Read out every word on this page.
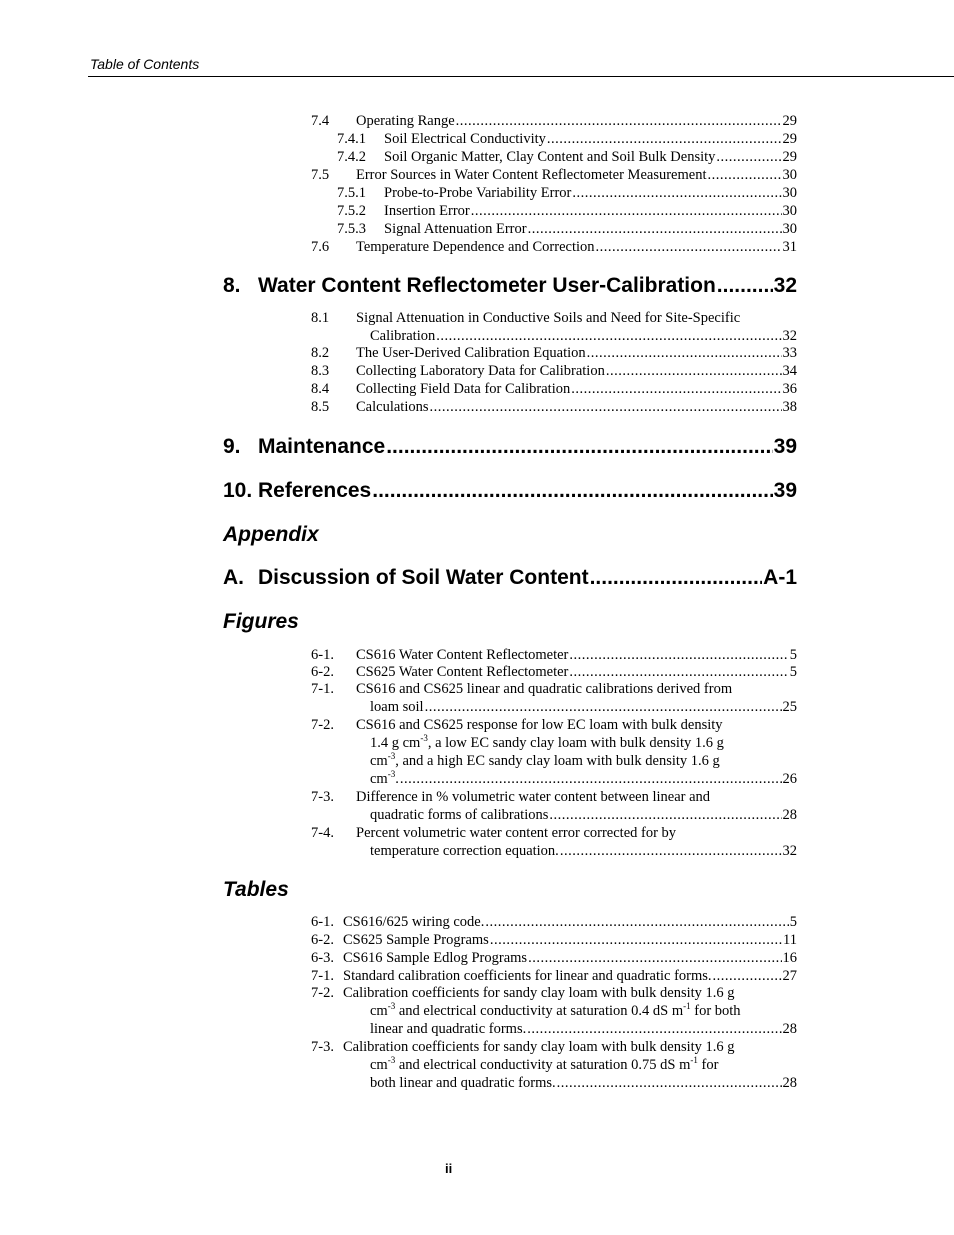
Table of Contents
7.4 Operating Range .....	29
7.4.1 Soil Electrical Conductivity .....	29
7.4.2 Soil Organic Matter, Clay Content and Soil Bulk Density .....	29
7.5 Error Sources in Water Content Reflectometer Measurement .....	30
7.5.1 Probe-to-Probe Variability Error .....	30
7.5.2 Insertion Error .....	30
7.5.3 Signal Attenuation Error .....	30
7.6 Temperature Dependence and Correction .....	31
8. Water Content Reflectometer User-Calibration .....	32
8.1 Signal Attenuation in Conductive Soils and Need for Site-Specific
Calibration .....	32
8.2 The User-Derived Calibration Equation .....	33
8.3 Collecting Laboratory Data for Calibration .....	34
8.4 Collecting Field Data for Calibration .....	36
8.5 Calculations .....	38
9. Maintenance .....	39
10. References .....	39
Appendix
A. Discussion of Soil Water Content .....	A-1
Figures
6-1. CS616 Water Content Reflectometer .....	5
6-2. CS625 Water Content Reflectometer .....	5
7-1. CS616 and CS625 linear and quadratic calibrations derived from
loam soil .....	25
7-2. CS616 and CS625 response for low EC loam with bulk density
1.4 g $cm^{-3}$, a low EC sandy clay loam with bulk density 1.6 g
$cm^{-3}$, and a high EC sandy clay loam with bulk density 1.6 g
$cm^{-3}$. .....	26
7-3. Difference in % volumetric water content between linear and
quadratic forms of calibrations .....	28
7-4. Percent volumetric water content error corrected for by
temperature correction equation. .....	32
Tables
6-1. CS616/625 wiring code. .....	5
6-2. CS625 Sample Programs .....	11
6-3. CS616 Sample Edlog Programs .....	16
7-1. Standard calibration coefficients for linear and quadratic forms. .....	27
7-2. Calibration coefficients for sandy clay loam with bulk density 1.6 g
$cm^{-3}$ and electrical conductivity at saturation 0.4 dS $m^{-1}$ for both
linear and quadratic forms. .....	28
7-3. Calibration coefficients for sandy clay loam with bulk density 1.6 g
$cm^{-3}$ and electrical conductivity at saturation 0.75 dS $m^{-1}$ for
both linear and quadratic forms. .....	28
ii
